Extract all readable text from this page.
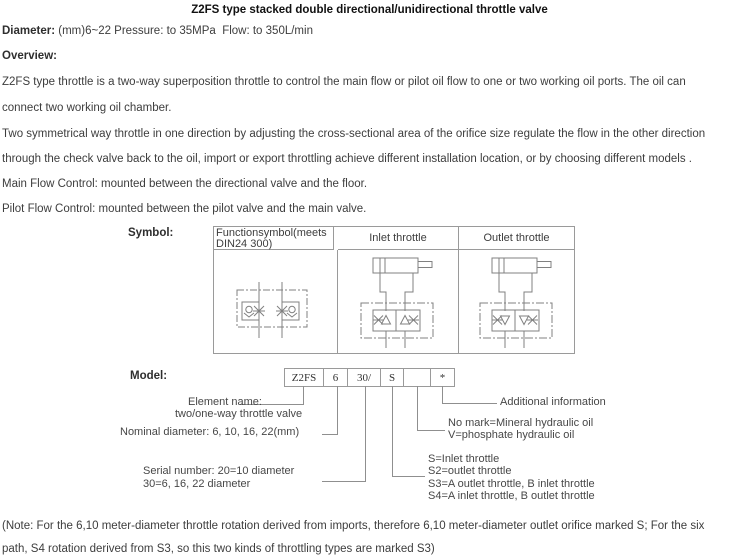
Z2FS type stacked double directional/unidirectional throttle valve
Diameter: (mm)6~22 Pressure: to 35MPa  Flow: to 350L/min
Overview:
Z2FS type throttle is a two-way superposition throttle to control the main flow or pilot oil flow to one or two working oil ports. The oil can
connect two working oil chamber.
Two symmetrical way throttle in one direction by adjusting the cross-sectional area of the orifice size regulate the flow in the other direction
through the check valve back to the oil, import or export throttling achieve different installation location, or by choosing different models .
Main Flow Control: mounted between the directional valve and the floor.
Pilot Flow Control: mounted between the pilot valve and the main valve.
Symbol:	Functionsymbol(meets DIN24 300)	Inlet throttle	Outlet throttle
Model:	Z2FS	6	30/	S	*
Element name:
two/one-way throttle valve
Nominal diameter: 6, 10, 16, 22(mm)
Serial number: 20=10 diameter
30=6, 16, 22 diameter
Additional information
No mark=Mineral hydraulic oil
V=phosphate hydraulic oil
S=Inlet throttle
S2=outlet throttle
S3=A outlet throttle, B inlet throttle
S4=A inlet throttle, B outlet throttle
(Note: For the 6,10 meter-diameter throttle rotation derived from imports, therefore 6,10 meter-diameter outlet orifice marked S; For the six
path, S4 rotation derived from S3, so this two kinds of throttling types are marked S3)
